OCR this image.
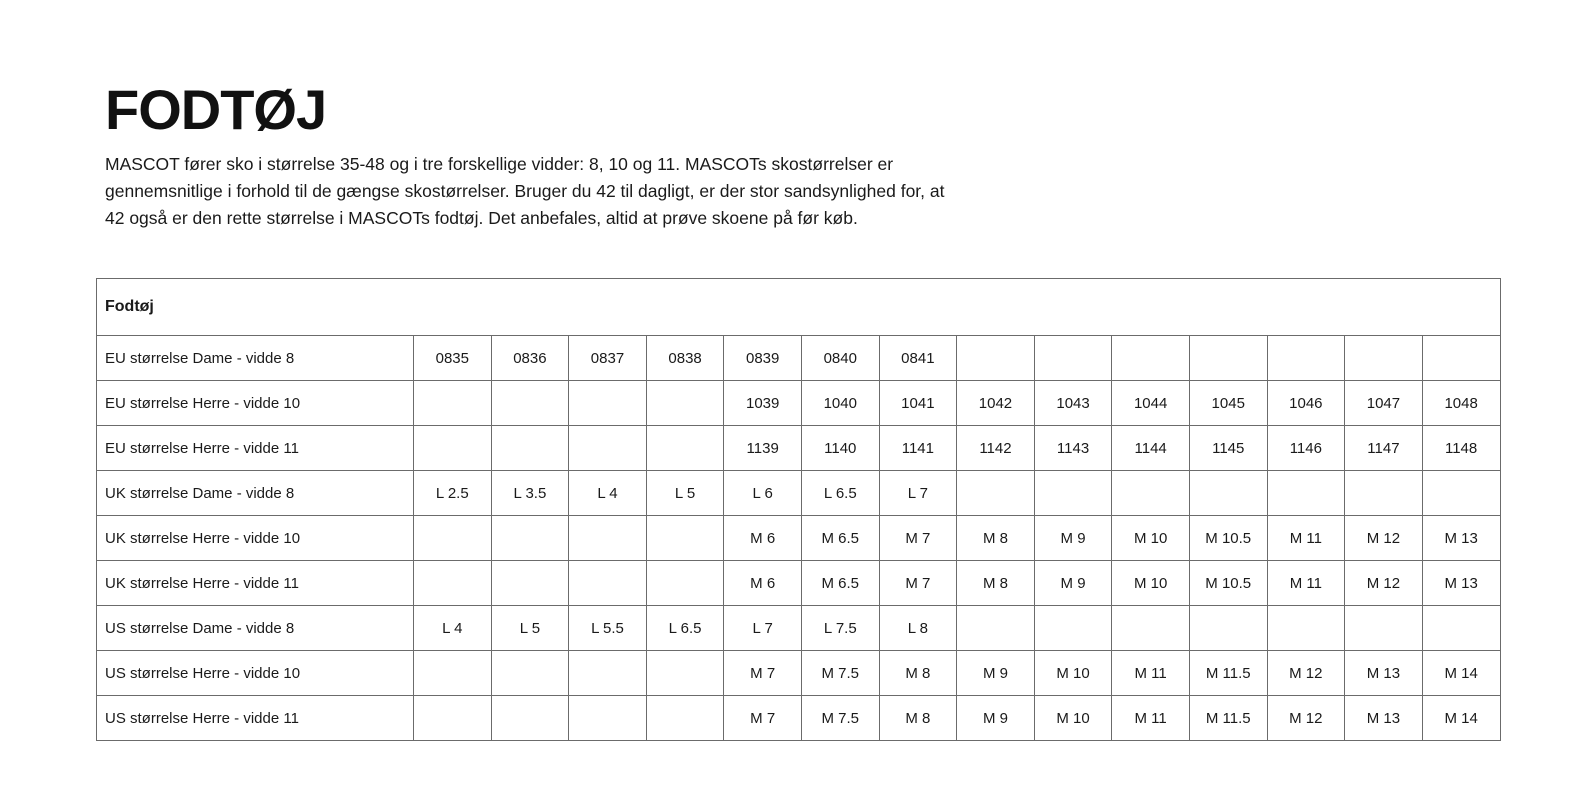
FODTØJ

MASCOT fører sko i størrelse 35-48 og i tre forskellige vidder: 8, 10 og 11. MASCOTs skostørrelser er
gennemsnitlige i forhold til de gængse skostørrelser. Bruger du 42 til dagligt, er der stor sandsynlighed for, at
42 også er den rette størrelse i MASCOTs fodtøj. Det anbefales, altid at prøve skoene på før køb.

Fodtøj														
EU størrelse Dame - vidde 8	0835	0836	0837	0838	0839	0840	0841							
EU størrelse Herre - vidde 10					1039	1040	1041	1042	1043	1044	1045	1046	1047	1048
EU størrelse Herre - vidde 11					1139	1140	1141	1142	1143	1144	1145	1146	1147	1148
UK størrelse Dame - vidde 8	L 2.5	L 3.5	L 4	L 5	L 6	L 6.5	L 7							
UK størrelse Herre - vidde 10					M 6	M 6.5	M 7	M 8	M 9	M 10	M 10.5	M 11	M 12	M 13
UK størrelse Herre - vidde 11					M 6	M 6.5	M 7	M 8	M 9	M 10	M 10.5	M 11	M 12	M 13
US størrelse Dame - vidde 8	L 4	L 5	L 5.5	L 6.5	L 7	L 7.5	L 8							
US størrelse Herre - vidde 10					M 7	M 7.5	M 8	M 9	M 10	M 11	M 11.5	M 12	M 13	M 14
US størrelse Herre - vidde 11					M 7	M 7.5	M 8	M 9	M 10	M 11	M 11.5	M 12	M 13	M 14
